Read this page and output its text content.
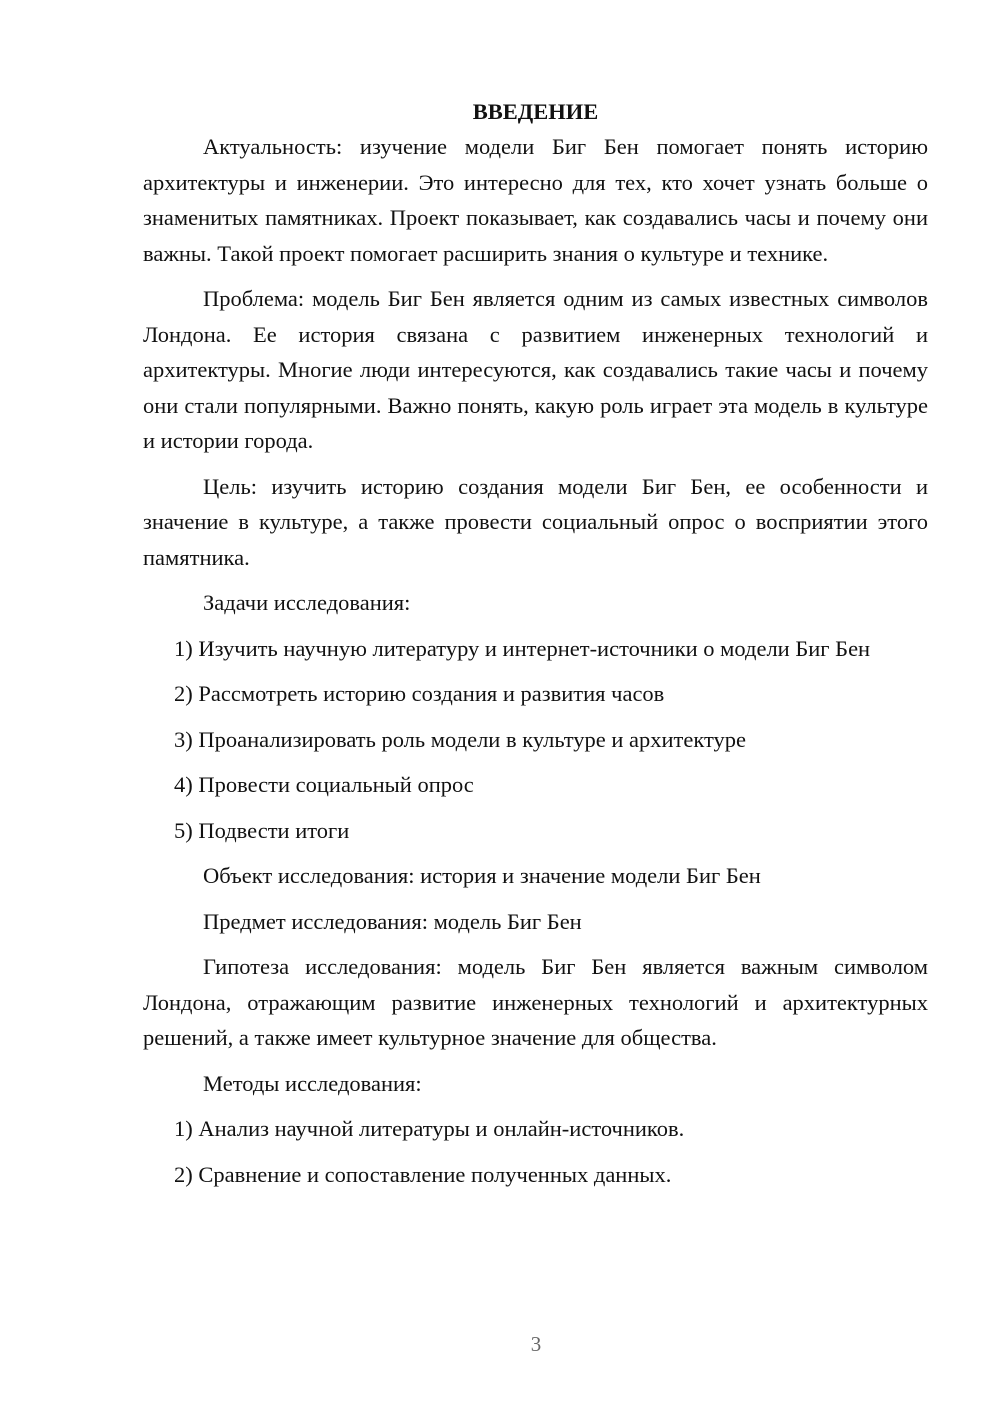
ВВЕДЕНИЕ

Актуальность: изучение модели Биг Бен помогает понять историю архитектуры и инженерии. Это интересно для тех, кто хочет узнать больше о знаменитых памятниках. Проект показывает, как создавались часы и почему они важны. Такой проект помогает расширить знания о культуре и технике.

Проблема: модель Биг Бен является одним из самых известных символов Лондона. Ее история связана с развитием инженерных технологий и архитектуры. Многие люди интересуются, как создавались такие часы и почему они стали популярными. Важно понять, какую роль играет эта модель в культуре и истории города.

Цель: изучить историю создания модели Биг Бен, ее особенности и значение в культуре, а также провести социальный опрос о восприятии этого памятника.

Задачи исследования:

1) Изучить научную литературу и интернет-источники о модели Биг Бен

2) Рассмотреть историю создания и развития часов

3) Проанализировать роль модели в культуре и архитектуре

4) Провести социальный опрос

5) Подвести итоги

Объект исследования: история и значение модели Биг Бен

Предмет исследования: модель Биг Бен

Гипотеза исследования: модель Биг Бен является важным символом Лондона, отражающим развитие инженерных технологий и архитектурных решений, а также имеет культурное значение для общества.

Методы исследования:

1) Анализ научной литературы и онлайн-источников.

2) Сравнение и сопоставление полученных данных.

3
